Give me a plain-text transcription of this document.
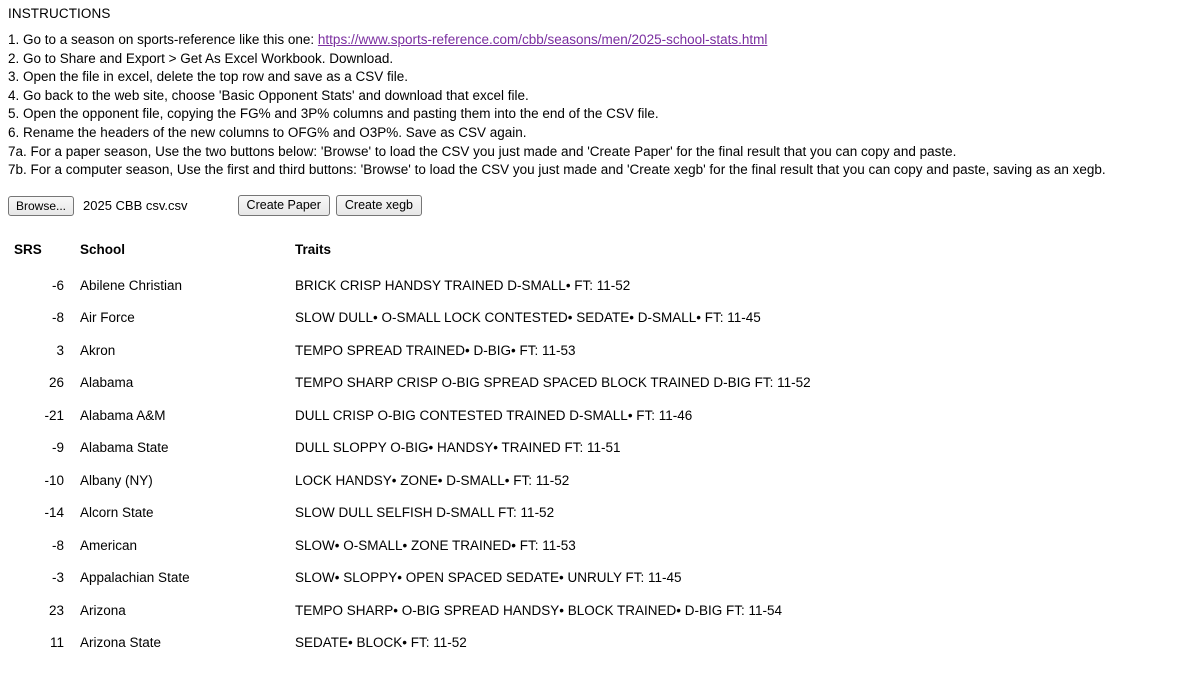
INSTRUCTIONS
1. Go to a season on sports-reference like this one: https://www.sports-reference.com/cbb/seasons/men/2025-school-stats.html
2. Go to Share and Export > Get As Excel Workbook. Download.
3. Open the file in excel, delete the top row and save as a CSV file.
4. Go back to the web site, choose 'Basic Opponent Stats' and download that excel file.
5. Open the opponent file, copying the FG% and 3P% columns and pasting them into the end of the CSV file.
6. Rename the headers of the new columns to OFG% and O3P%. Save as CSV again.
7a. For a paper season, Use the two buttons below: 'Browse' to load the CSV you just made and 'Create Paper' for the final result that you can copy and paste.
7b. For a computer season, Use the first and third buttons: 'Browse' to load the CSV you just made and 'Create xegb' for the final result that you can copy and paste, saving as an xegb.
Browse...	2025 CBB csv.csv	Create Paper	Create xegb
SRS	School	Traits
-6	Abilene Christian	BRICK CRISP HANDSY TRAINED D-SMALL• FT: 11-52
-8	Air Force	SLOW DULL• O-SMALL LOCK CONTESTED• SEDATE• D-SMALL• FT: 11-45
3	Akron	TEMPO SPREAD TRAINED• D-BIG• FT: 11-53
26	Alabama	TEMPO SHARP CRISP O-BIG SPREAD SPACED BLOCK TRAINED D-BIG FT: 11-52
-21	Alabama A&M	DULL CRISP O-BIG CONTESTED TRAINED D-SMALL• FT: 11-46
-9	Alabama State	DULL SLOPPY O-BIG• HANDSY• TRAINED FT: 11-51
-10	Albany (NY)	LOCK HANDSY• ZONE• D-SMALL• FT: 11-52
-14	Alcorn State	SLOW DULL SELFISH D-SMALL FT: 11-52
-8	American	SLOW• O-SMALL• ZONE TRAINED• FT: 11-53
-3	Appalachian State	SLOW• SLOPPY• OPEN SPACED SEDATE• UNRULY FT: 11-45
23	Arizona	TEMPO SHARP• O-BIG SPREAD HANDSY• BLOCK TRAINED• D-BIG FT: 11-54
11	Arizona State	SEDATE• BLOCK• FT: 11-52
